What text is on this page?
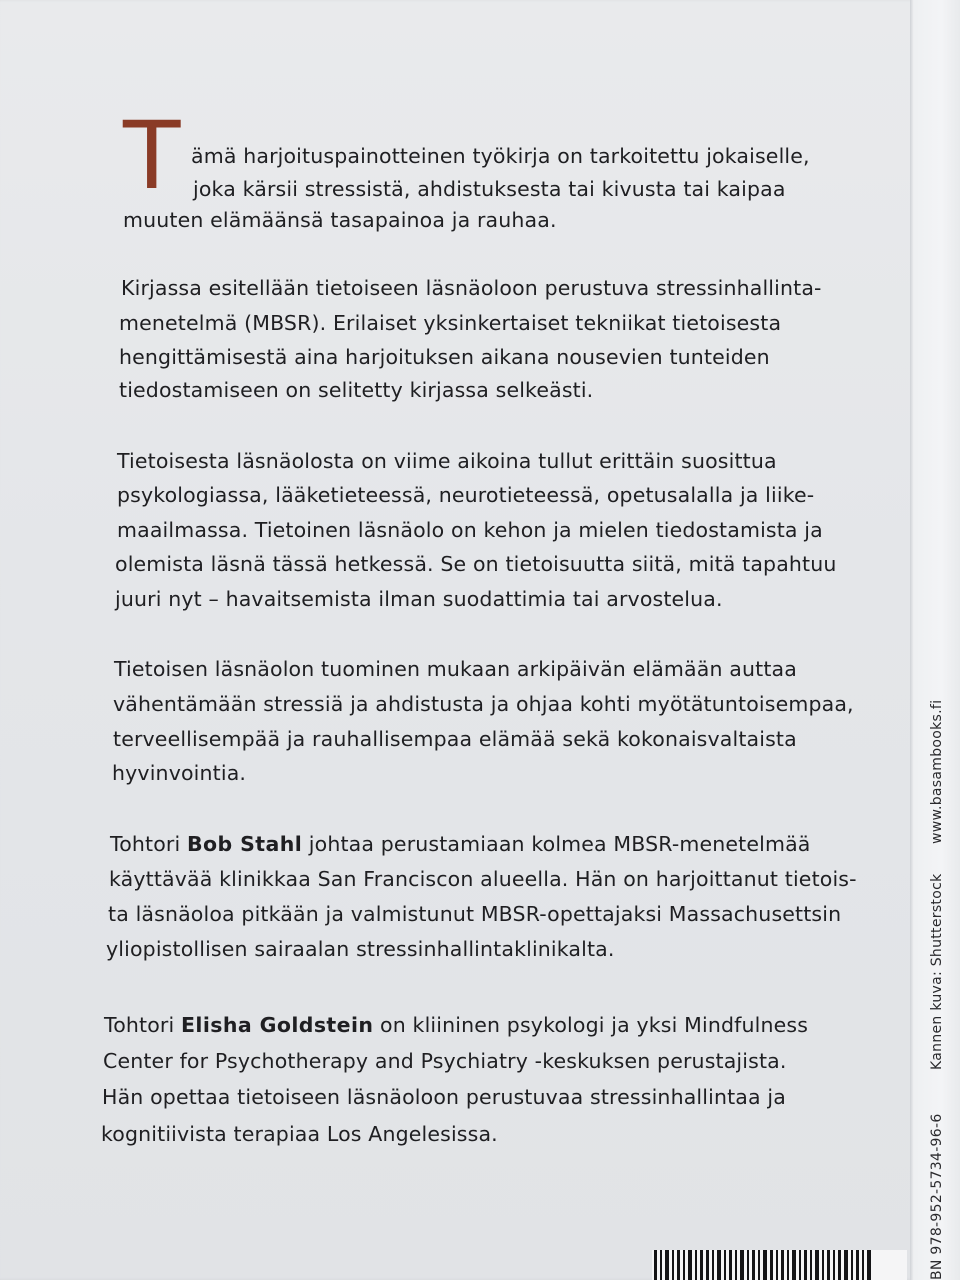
T ämä harjoituspainotteinen työkirja on tarkoitettu jokaiselle,
joka kärsii stressistä, ahdistuksesta tai kivusta tai kaipaa
muuten elämäänsä tasapainoa ja rauhaa.
Kirjassa esitellään tietoiseen läsnäoloon perustuva stressinhallinta-
menetelmä (MBSR). Erilaiset yksinkertaiset tekniikat tietoisesta
hengittämisestä aina harjoituksen aikana nousevien tunteiden
tiedostamiseen on selitetty kirjassa selkeästi.
Tietoisesta läsnäolosta on viime aikoina tullut erittäin suosittua
psykologiassa, lääketieteessä, neurotieteessä, opetusalalla ja liike-
maailmassa. Tietoinen läsnäolo on kehon ja mielen tiedostamista ja
olemista läsnä tässä hetkessä. Se on tietoisuutta siitä, mitä tapahtuu
juuri nyt – havaitsemista ilman suodattimia tai arvostelua.
Tietoisen läsnäolon tuominen mukaan arkipäivän elämään auttaa
vähentämään stressiä ja ahdistusta ja ohjaa kohti myötätuntoisempaa,
terveellisempää ja rauhallisempaa elämää sekä kokonaisvaltaista
hyvinvointia.
Tohtori Bob Stahl johtaa perustamiaan kolmea MBSR-menetelmää
käyttävää klinikkaa San Franciscon alueella. Hän on harjoittanut tietois-
ta läsnäoloa pitkään ja valmistunut MBSR-opettajaksi Massachusettsin
yliopistollisen sairaalan stressinhallintaklinikalta.
Tohtori Elisha Goldstein on kliininen psykologi ja yksi Mindfulness
Center for Psychotherapy and Psychiatry -keskuksen perustajista.
Hän opettaa tietoiseen läsnäoloon perustuvaa stressinhallintaa ja
kognitiivista terapiaa Los Angelesissa.	BN 978-952-5734-96-6  Kannen kuva: Shutterstock  www.basambooks.fi
